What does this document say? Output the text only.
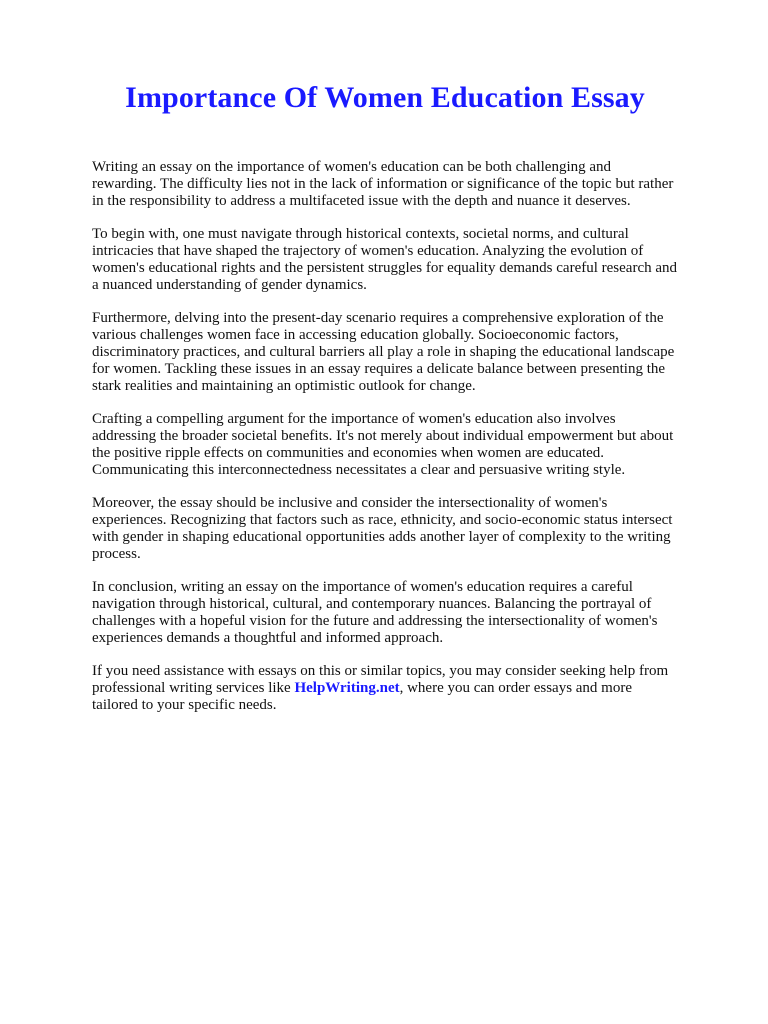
Importance Of Women Education Essay

Writing an essay on the importance of women's education can be both challenging and rewarding. The difficulty lies not in the lack of information or significance of the topic but rather in the responsibility to address a multifaceted issue with the depth and nuance it deserves.

To begin with, one must navigate through historical contexts, societal norms, and cultural intricacies that have shaped the trajectory of women's education. Analyzing the evolution of women's educational rights and the persistent struggles for equality demands careful research and a nuanced understanding of gender dynamics.

Furthermore, delving into the present-day scenario requires a comprehensive exploration of the various challenges women face in accessing education globally. Socioeconomic factors, discriminatory practices, and cultural barriers all play a role in shaping the educational landscape for women. Tackling these issues in an essay requires a delicate balance between presenting the stark realities and maintaining an optimistic outlook for change.

Crafting a compelling argument for the importance of women's education also involves addressing the broader societal benefits. It's not merely about individual empowerment but about the positive ripple effects on communities and economies when women are educated. Communicating this interconnectedness necessitates a clear and persuasive writing style.

Moreover, the essay should be inclusive and consider the intersectionality of women's experiences. Recognizing that factors such as race, ethnicity, and socio-economic status intersect with gender in shaping educational opportunities adds another layer of complexity to the writing process.

In conclusion, writing an essay on the importance of women's education requires a careful navigation through historical, cultural, and contemporary nuances. Balancing the portrayal of challenges with a hopeful vision for the future and addressing the intersectionality of women's experiences demands a thoughtful and informed approach.

If you need assistance with essays on this or similar topics, you may consider seeking help from professional writing services like HelpWriting.net, where you can order essays and more tailored to your specific needs.
